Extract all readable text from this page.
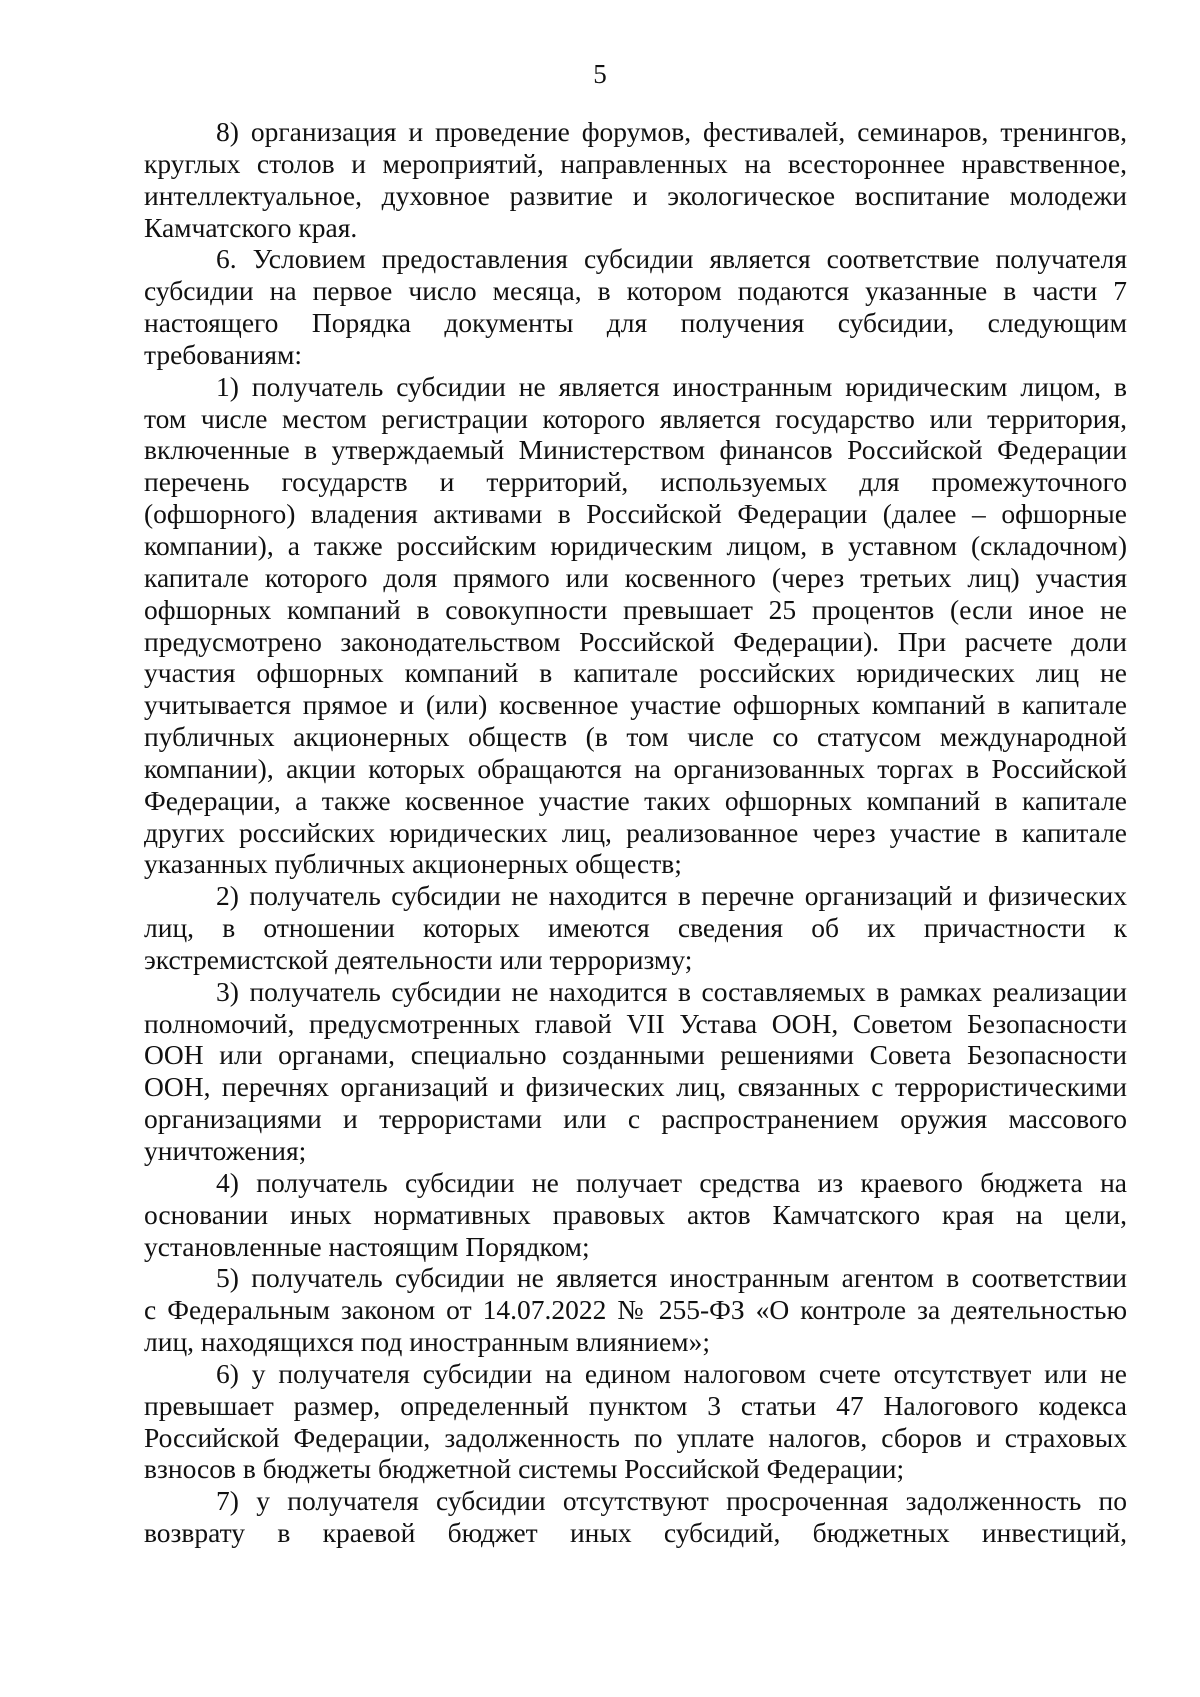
5
8) организация и проведение форумов, фестивалей, семинаров, тренингов,
круглых столов и мероприятий, направленных на всестороннее нравственное,
интеллектуальное, духовное развитие и экологическое воспитание молодежи
Камчатского края.
6. Условием предоставления субсидии является соответствие получателя
субсидии на первое число месяца, в котором подаются указанные в части 7
настоящего Порядка документы для получения субсидии, следующим
требованиям:
1) получатель субсидии не является иностранным юридическим лицом, в
том числе местом регистрации которого является государство или территория,
включенные в утверждаемый Министерством финансов Российской Федерации
перечень государств и территорий, используемых для промежуточного
(офшорного) владения активами в Российской Федерации (далее – офшорные
компании), а также российским юридическим лицом, в уставном (складочном)
капитале которого доля прямого или косвенного (через третьих лиц) участия
офшорных компаний в совокупности превышает 25 процентов (если иное не
предусмотрено законодательством Российской Федерации). При расчете доли
участия офшорных компаний в капитале российских юридических лиц не
учитывается прямое и (или) косвенное участие офшорных компаний в капитале
публичных акционерных обществ (в том числе со статусом международной
компании), акции которых обращаются на организованных торгах в Российской
Федерации, а также косвенное участие таких офшорных компаний в капитале
других российских юридических лиц, реализованное через участие в капитале
указанных публичных акционерных обществ;
2) получатель субсидии не находится в перечне организаций и физических
лиц, в отношении которых имеются сведения об их причастности к
экстремистской деятельности или терроризму;
3) получатель субсидии не находится в составляемых в рамках реализации
полномочий, предусмотренных главой VII Устава ООН, Советом Безопасности
ООН или органами, специально созданными решениями Совета Безопасности
ООН, перечнях организаций и физических лиц, связанных с террористическими
организациями и террористами или с распространением оружия массового
уничтожения;
4) получатель субсидии не получает средства из краевого бюджета на
основании иных нормативных правовых актов Камчатского края на цели,
установленные настоящим Порядком;
5) получатель субсидии не является иностранным агентом в соответствии
с Федеральным законом от 14.07.2022 № 255-ФЗ «О контроле за деятельностью
лиц, находящихся под иностранным влиянием»;
6) у получателя субсидии на едином налоговом счете отсутствует или не
превышает размер, определенный пунктом 3 статьи 47 Налогового кодекса
Российской Федерации, задолженность по уплате налогов, сборов и страховых
взносов в бюджеты бюджетной системы Российской Федерации;
7) у получателя субсидии отсутствуют просроченная задолженность по
возврату в краевой бюджет иных субсидий, бюджетных инвестиций,
